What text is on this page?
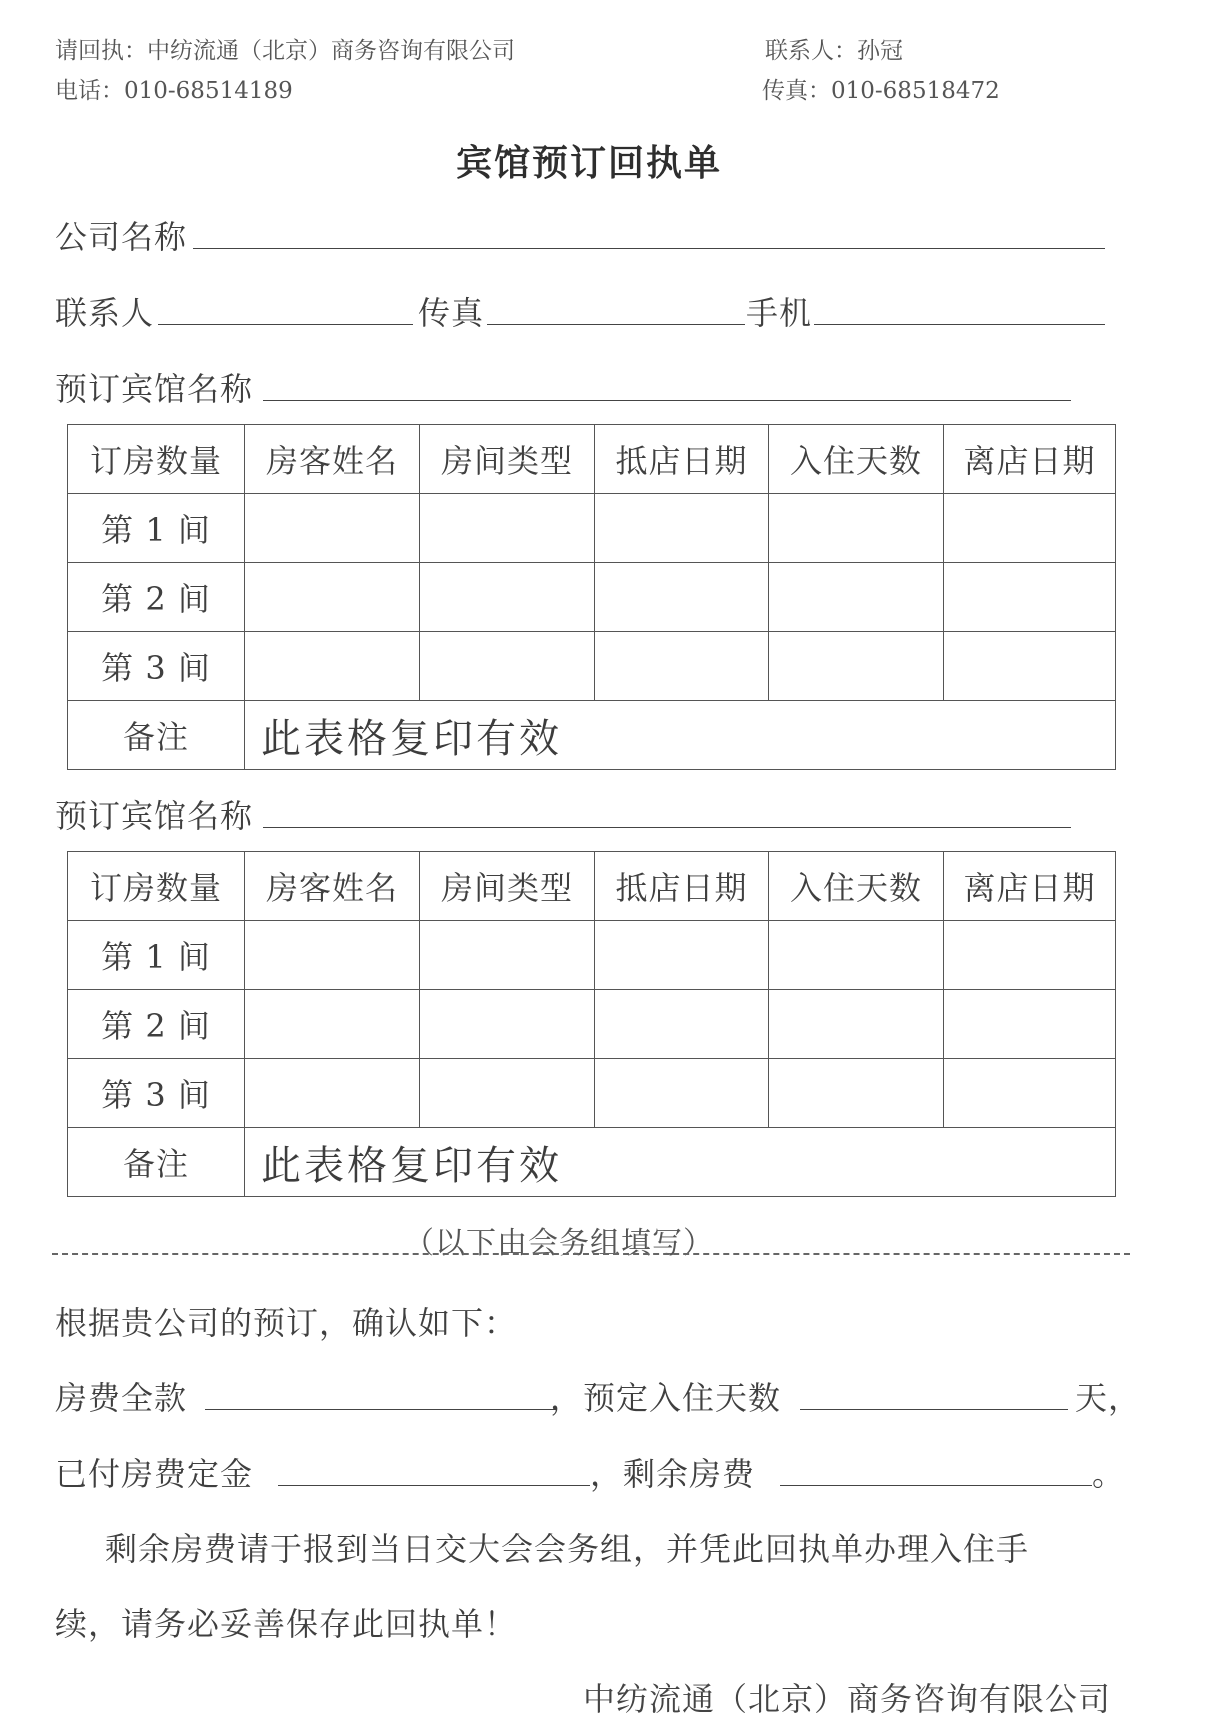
请回执：中纺流通（北京）商务咨询有限公司	联系人：孙冠
电话：010-68514189	传真：010-68518472
宾馆预订回执单
公司名称
联系人	传真	手机
预订宾馆名称
订房数量	房客姓名	房间类型	抵店日期	入住天数	离店日期
第 1 间					
第 2 间					
第 3 间					
备注	此表格复印有效				
预订宾馆名称
订房数量	房客姓名	房间类型	抵店日期	入住天数	离店日期
第 1 间					
第 2 间					
第 3 间					
备注	此表格复印有效				
（以下由会务组填写）
根据贵公司的预订，确认如下：
房费全款	，预定入住天数	天，
已付房费定金	，剩余房费	。
剩余房费请于报到当日交大会会务组，并凭此回执单办理入住手
续，请务必妥善保存此回执单！
中纺流通（北京）商务咨询有限公司
